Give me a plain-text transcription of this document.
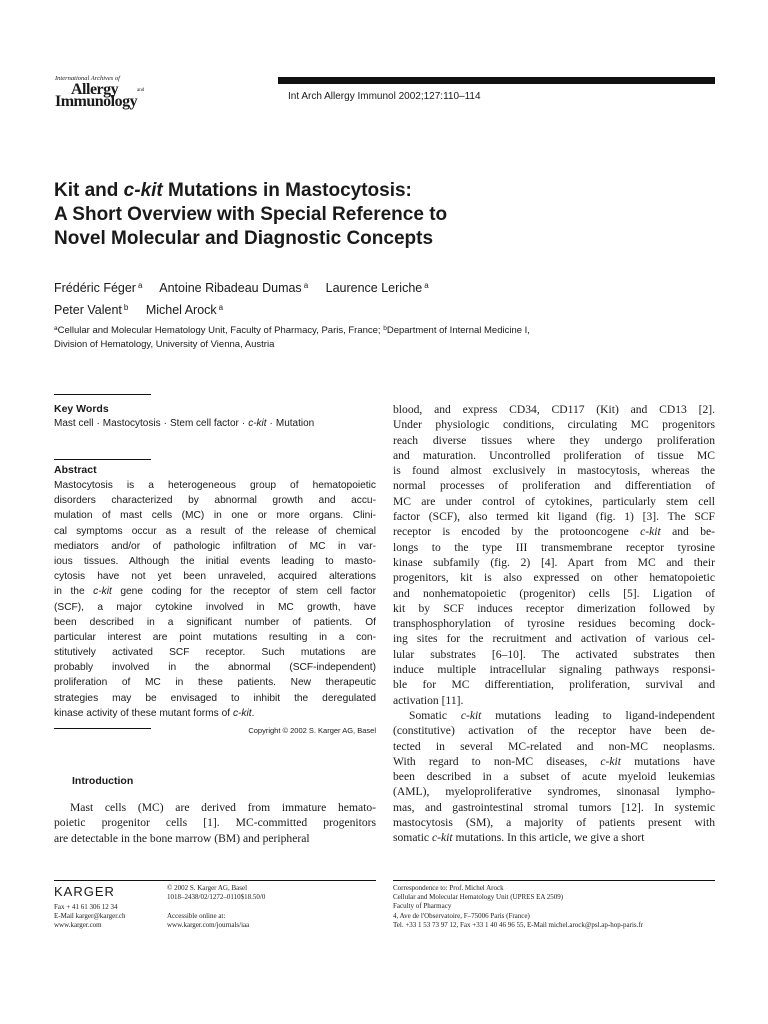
International Archives of
Allergy	and
Immunology	Int Arch Allergy Immunol 2002;127:110–114
Kit and c-kit Mutations in Mastocytosis:
A Short Overview with Special Reference to
Novel Molecular and Diagnostic Concepts
Frédéric Féger $^a$ Antoine Ribadeau Dumas $^a$ Laurence Leriche $^a$
Peter Valent $^b$ Michel Arock $^a$
$^a$Cellular and Molecular Hematology Unit, Faculty of Pharmacy, Paris, France; $^b$Department of Internal Medicine I,
Division of Hematology, University of Vienna, Austria
Key Words
Mast cell · Mastocytosis · Stem cell factor · c-kit · Mutation
Abstract
Mastocytosis is a heterogeneous group of hematopoietic
disorders characterized by abnormal growth and accu-
mulation of mast cells (MC) in one or more organs. Clini-
cal symptoms occur as a result of the release of chemical
mediators and/or of pathologic infiltration of MC in var-
ious tissues. Although the initial events leading to masto-
cytosis have not yet been unraveled, acquired alterations
in the c-kit gene coding for the receptor of stem cell factor
(SCF), a major cytokine involved in MC growth, have
been described in a significant number of patients. Of
particular interest are point mutations resulting in a con-
stitutively activated SCF receptor. Such mutations are
probably involved in the abnormal (SCF-independent)
proliferation of MC in these patients. New therapeutic
strategies may be envisaged to inhibit the deregulated
kinase activity of these mutant forms of c-kit.
Copyright © 2002 S. Karger AG, Basel
Introduction
Mast cells (MC) are derived from immature hemato-
poietic progenitor cells [1]. MC-committed progenitors
are detectable in the bone marrow (BM) and peripheral
blood, and express CD34, CD117 (Kit) and CD13 [2].
Under physiologic conditions, circulating MC progenitors
reach diverse tissues where they undergo proliferation
and maturation. Uncontrolled proliferation of tissue MC
is found almost exclusively in mastocytosis, whereas the
normal processes of proliferation and differentiation of
MC are under control of cytokines, particularly stem cell
factor (SCF), also termed kit ligand (fig. 1) [3]. The SCF
receptor is encoded by the protooncogene c-kit and be-
longs to the type III transmembrane receptor tyrosine
kinase subfamily (fig. 2) [4]. Apart from MC and their
progenitors, kit is also expressed on other hematopoietic
and nonhematopoietic (progenitor) cells [5]. Ligation of
kit by SCF induces receptor dimerization followed by
transphosphorylation of tyrosine residues becoming dock-
ing sites for the recruitment and activation of various cel-
lular substrates [6–10]. The activated substrates then
induce multiple intracellular signaling pathways responsi-
ble for MC differentiation, proliferation, survival and
activation [11].
Somatic c-kit mutations leading to ligand-independent
(constitutive) activation of the receptor have been de-
tected in several MC-related and non-MC neoplasms.
With regard to non-MC diseases, c-kit mutations have
been described in a subset of acute myeloid leukemias
(AML), myeloproliferative syndromes, sinonasal lympho-
mas, and gastrointestinal stromal tumors [12]. In systemic
mastocytosis (SM), a majority of patients present with
somatic c-kit mutations. In this article, we give a short
KARGER
Fax + 41 61 306 12 34
E-Mail karger@karger.ch
www.karger.com
© 2002 S. Karger AG, Basel
1018–2438/02/1272–0110$18.50/0
Accessible online at:
www.karger.com/journals/iaa
Correspondence to: Prof. Michel Arock
Cellular and Molecular Hematology Unit (UPRES EA 2509)
Faculty of Pharmacy
4, Ave de l'Observatoire, F–75006 Paris (France)
Tel. +33 1 53 73 97 12, Fax +33 1 40 46 96 55, E-Mail michel.arock@psl.ap-hop-paris.fr
